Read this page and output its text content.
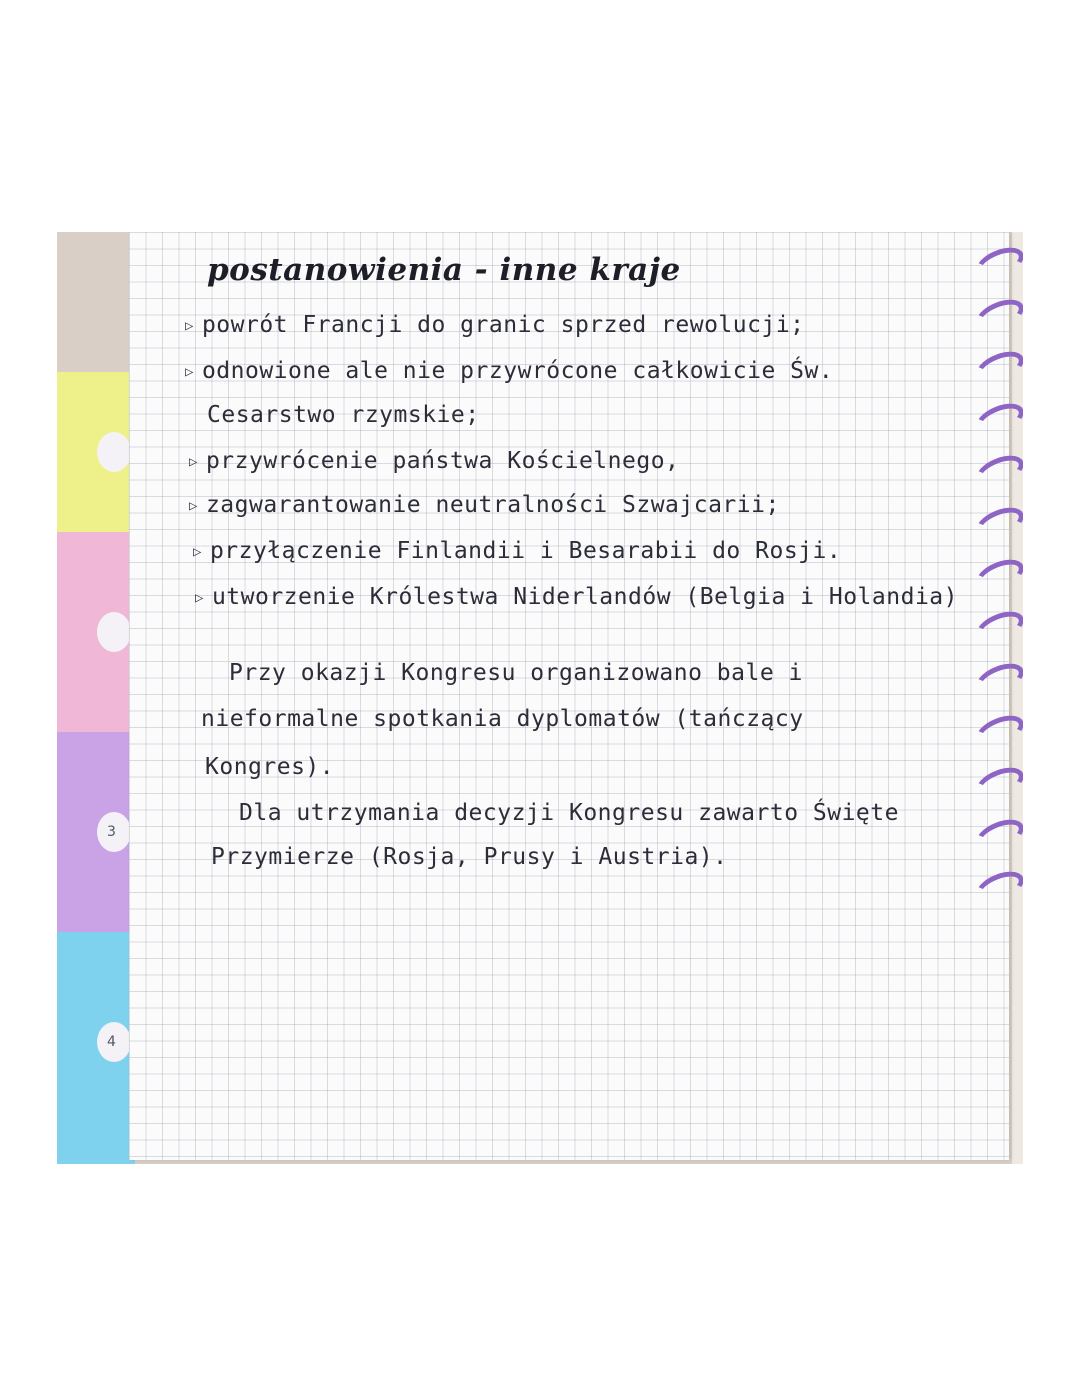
3
4
postanowienia - inne kraje
▷ powrót Francji do granic sprzed rewolucji;
▷ odnowione ale nie przywrócone całkowicie Św.
Cesarstwo rzymskie;
▷ przywrócenie państwa Kościelnego,
▷ zagwarantowanie neutralności Szwajcarii;
▷ przyłączenie Finlandii i Besarabii do Rosji.
▷ utworzenie Królestwa Niderlandów (Belgia i Holandia)
Przy okazji Kongresu organizowano bale i
nieformalne spotkania dyplomatów (tańczący
Kongres).
Dla utrzymania decyzji Kongresu zawarto Święte
Przymierze (Rosja, Prusy i Austria).
